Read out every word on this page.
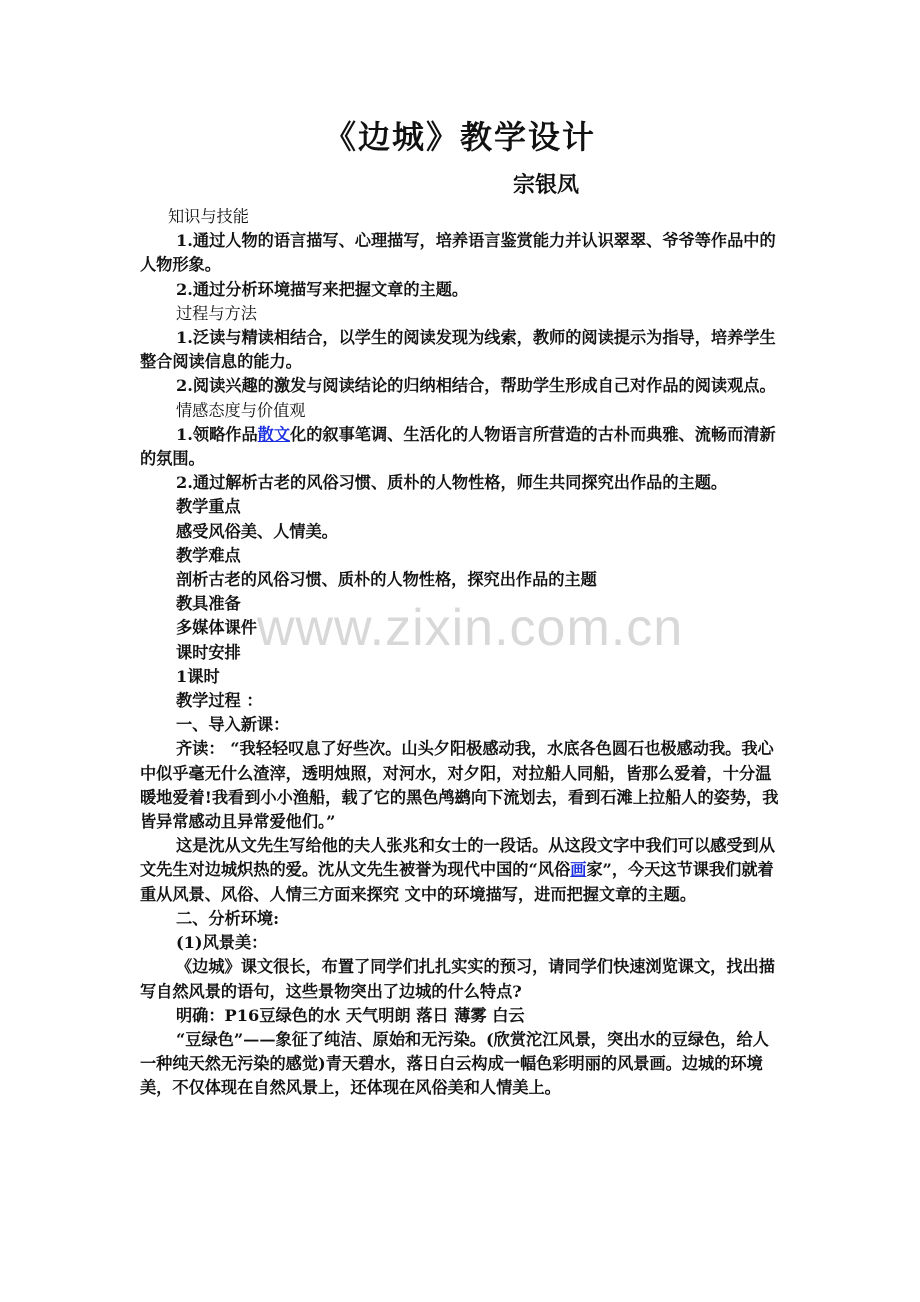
www.zixin.com.cn
《边城》教学设计
宗银凤

知识与技能

1.通过人物的语言描写、心理描写，培养语言鉴赏能力并认识翠翠、爷爷等作品中的人物形象。

2.通过分析环境描写来把握文章的主题。

过程与方法

1.泛读与精读相结合，以学生的阅读发现为线索，教师的阅读提示为指导，培养学生整合阅读信息的能力。

2.阅读兴趣的激发与阅读结论的归纳相结合，帮助学生形成自己对作品的阅读观点。

情感态度与价值观

1.领略作品散文化的叙事笔调、生活化的人物语言所营造的古朴而典雅、流畅而清新的氛围。

2.通过解析古老的风俗习惯、质朴的人物性格，师生共同探究出作品的主题。

教学重点

感受风俗美、人情美。

教学难点

剖析古老的风俗习惯、质朴的人物性格，探究出作品的主题

教具准备

多媒体课件

课时安排

1课时

教学过程 ：

一、导入新课：

齐读： “我轻轻叹息了好些次。山头夕阳极感动我，水底各色圆石也极感动我。我心中似乎毫无什么渣滓，透明烛照，对河水，对夕阳，对拉船人同船，皆那么爱着，十分温暖地爱着!我看到小小渔船，载了它的黑色鸬鹚向下流划去，看到石滩上拉船人的姿势，我皆异常感动且异常爱他们。”

这是沈从文先生写给他的夫人张兆和女士的一段话。从这段文字中我们可以感受到从文先生对边城炽热的爱。沈从文先生被誉为现代中国的“风俗画家”，今天这节课我们就着重从风景、风俗、人情三方面来探究 文中的环境描写，进而把握文章的主题。

二、分析环境:

(1)风景美：

《边城》课文很长，布置了同学们扎扎实实的预习，请同学们快速浏览课文，找出描写自然风景的语句，这些景物突出了边城的什么特点?

明确：P16豆绿色的水 天气明朗 落日 薄雾 白云

“豆绿色”——象征了纯洁、原始和无污染。(欣赏沱江风景，突出水的豆绿色，给人一种纯天然无污染的感觉)青天碧水，落日白云构成一幅色彩明丽的风景画。边城的环境美，不仅体现在自然风景上，还体现在风俗美和人情美上。
